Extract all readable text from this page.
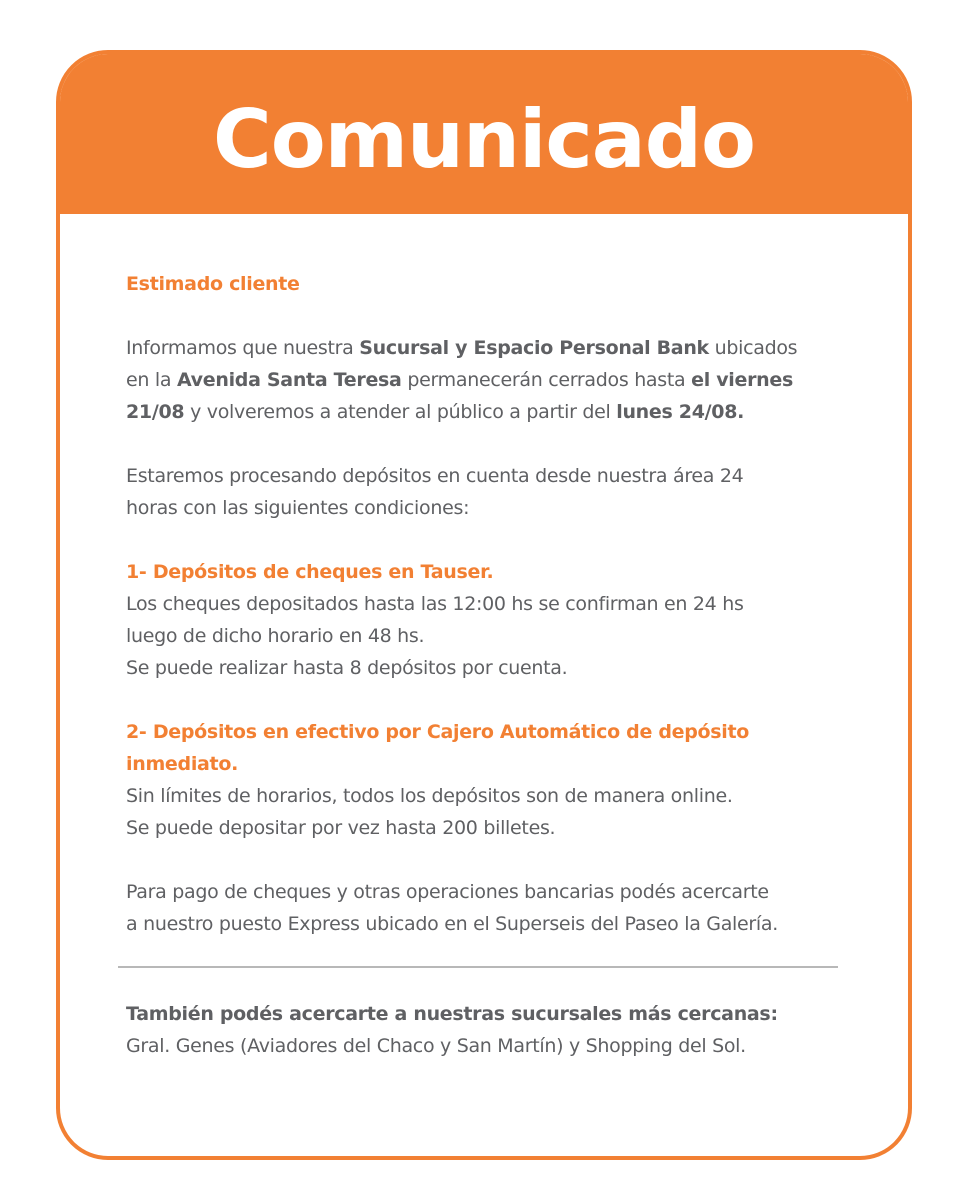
Comunicado

Estimado cliente

Informamos que nuestra Sucursal y Espacio Personal Bank ubicados
en la Avenida Santa Teresa permanecerán cerrados hasta el viernes
21/08 y volveremos a atender al público a partir del lunes 24/08.

Estaremos procesando depósitos en cuenta desde nuestra área 24
horas con las siguientes condiciones:

1- Depósitos de cheques en Tauser.
Los cheques depositados hasta las 12:00 hs se confirman en 24 hs
luego de dicho horario en 48 hs.
Se puede realizar hasta 8 depósitos por cuenta.

2- Depósitos en efectivo por Cajero Automático de depósito
inmediato.
Sin límites de horarios, todos los depósitos son de manera online.
Se puede depositar por vez hasta 200 billetes.

Para pago de cheques y otras operaciones bancarias podés acercarte
a nuestro puesto Express ubicado en el Superseis del Paseo la Galería.

También podés acercarte a nuestras sucursales más cercanas:

Gral. Genes (Aviadores del Chaco y San Martín) y Shopping del Sol.
